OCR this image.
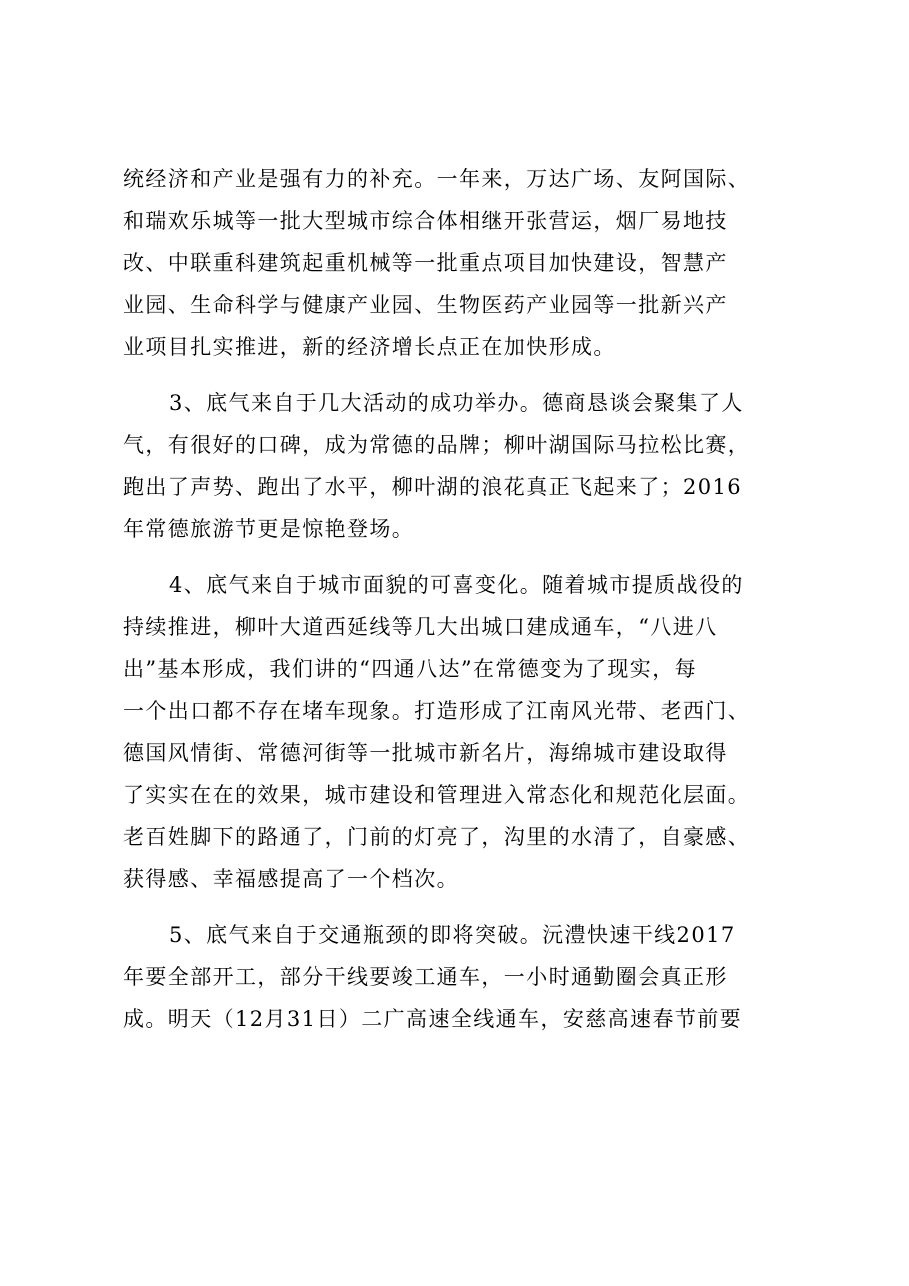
统经济和产业是强有力的补充。一年来，万达广场、友阿国际、
和瑞欢乐城等一批大型城市综合体相继开张营运，烟厂易地技
改、中联重科建筑起重机械等一批重点项目加快建设，智慧产
业园、生命科学与健康产业园、生物医药产业园等一批新兴产
业项目扎实推进，新的经济增长点正在加快形成。
3、底气来自于几大活动的成功举办。德商恳谈会聚集了人
气，有很好的口碑，成为常德的品牌；柳叶湖国际马拉松比赛，
跑出了声势、跑出了水平，柳叶湖的浪花真正飞起来了；2016
年常德旅游节更是惊艳登场。
4、底气来自于城市面貌的可喜变化。随着城市提质战役的
持续推进，柳叶大道西延线等几大出城口建成通车，“八进八
出”基本形成，我们讲的“四通八达”在常德变为了现实，每
一个出口都不存在堵车现象。打造形成了江南风光带、老西门、
德国风情街、常德河街等一批城市新名片，海绵城市建设取得
了实实在在的效果，城市建设和管理进入常态化和规范化层面。
老百姓脚下的路通了，门前的灯亮了，沟里的水清了，自豪感、
获得感、幸福感提高了一个档次。
5、底气来自于交通瓶颈的即将突破。沅澧快速干线2017
年要全部开工，部分干线要竣工通车，一小时通勤圈会真正形
成。明天（12月31日）二广高速全线通车，安慈高速春节前要
